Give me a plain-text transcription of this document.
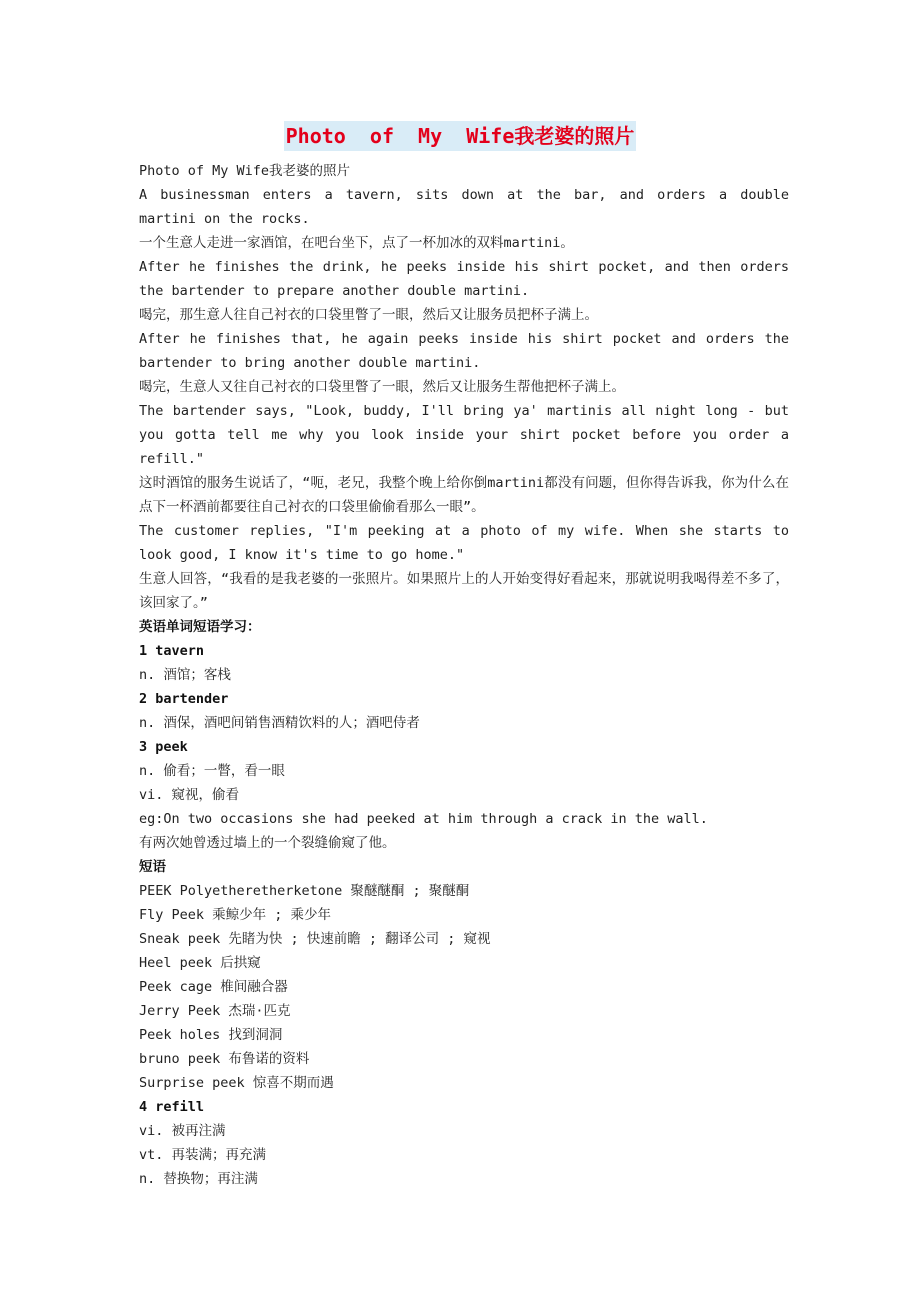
Photo  of  My  Wife我老婆的照片

Photo of My Wife我老婆的照片

A businessman enters a tavern, sits down at the bar, and orders a double martini on the rocks.

一个生意人走进一家酒馆，在吧台坐下，点了一杯加冰的双料martini。

After he finishes the drink, he peeks inside his shirt pocket, and then orders the bartender to prepare another double martini.

喝完，那生意人往自己衬衣的口袋里瞥了一眼，然后又让服务员把杯子满上。

After he finishes that, he again peeks inside his shirt pocket and orders the bartender to bring another double martini.

喝完，生意人又往自己衬衣的口袋里瞥了一眼，然后又让服务生帮他把杯子满上。

The bartender says, "Look, buddy, I'll bring ya' martinis all night long - but you gotta tell me why you look inside your shirt pocket before you order a refill."

这时酒馆的服务生说话了，“呃，老兄，我整个晚上给你倒martini都没有问题，但你得告诉我，你为什么在点下一杯酒前都要往自己衬衣的口袋里偷偷看那么一眼”。

The customer replies, "I'm peeking at a photo of my wife. When she starts to look good, I know it's time to go home."

生意人回答，“我看的是我老婆的一张照片。如果照片上的人开始变得好看起来，那就说明我喝得差不多了，该回家了。”

英语单词短语学习：

1 tavern

n. 酒馆；客栈

2 bartender

n. 酒保，酒吧间销售酒精饮料的人；酒吧侍者

3 peek

n. 偷看；一瞥，看一眼

vi. 窥视，偷看

eg:On two occasions she had peeked at him through a crack in the wall.

有两次她曾透过墙上的一个裂缝偷窥了他。

短语

PEEK Polyetheretherketone 聚醚醚酮 ; 聚醚酮

Fly Peek 乘鲸少年 ; 乘少年

Sneak peek 先睹为快 ; 快速前瞻 ; 翻译公司 ; 窥视

Heel peek 后拱窥

Peek cage 椎间融合器

Jerry Peek 杰瑞·匹克

Peek holes 找到洞洞

bruno peek 布鲁诺的资料

Surprise peek 惊喜不期而遇

4 refill

vi. 被再注满

vt. 再装满；再充满

n. 替换物；再注满
